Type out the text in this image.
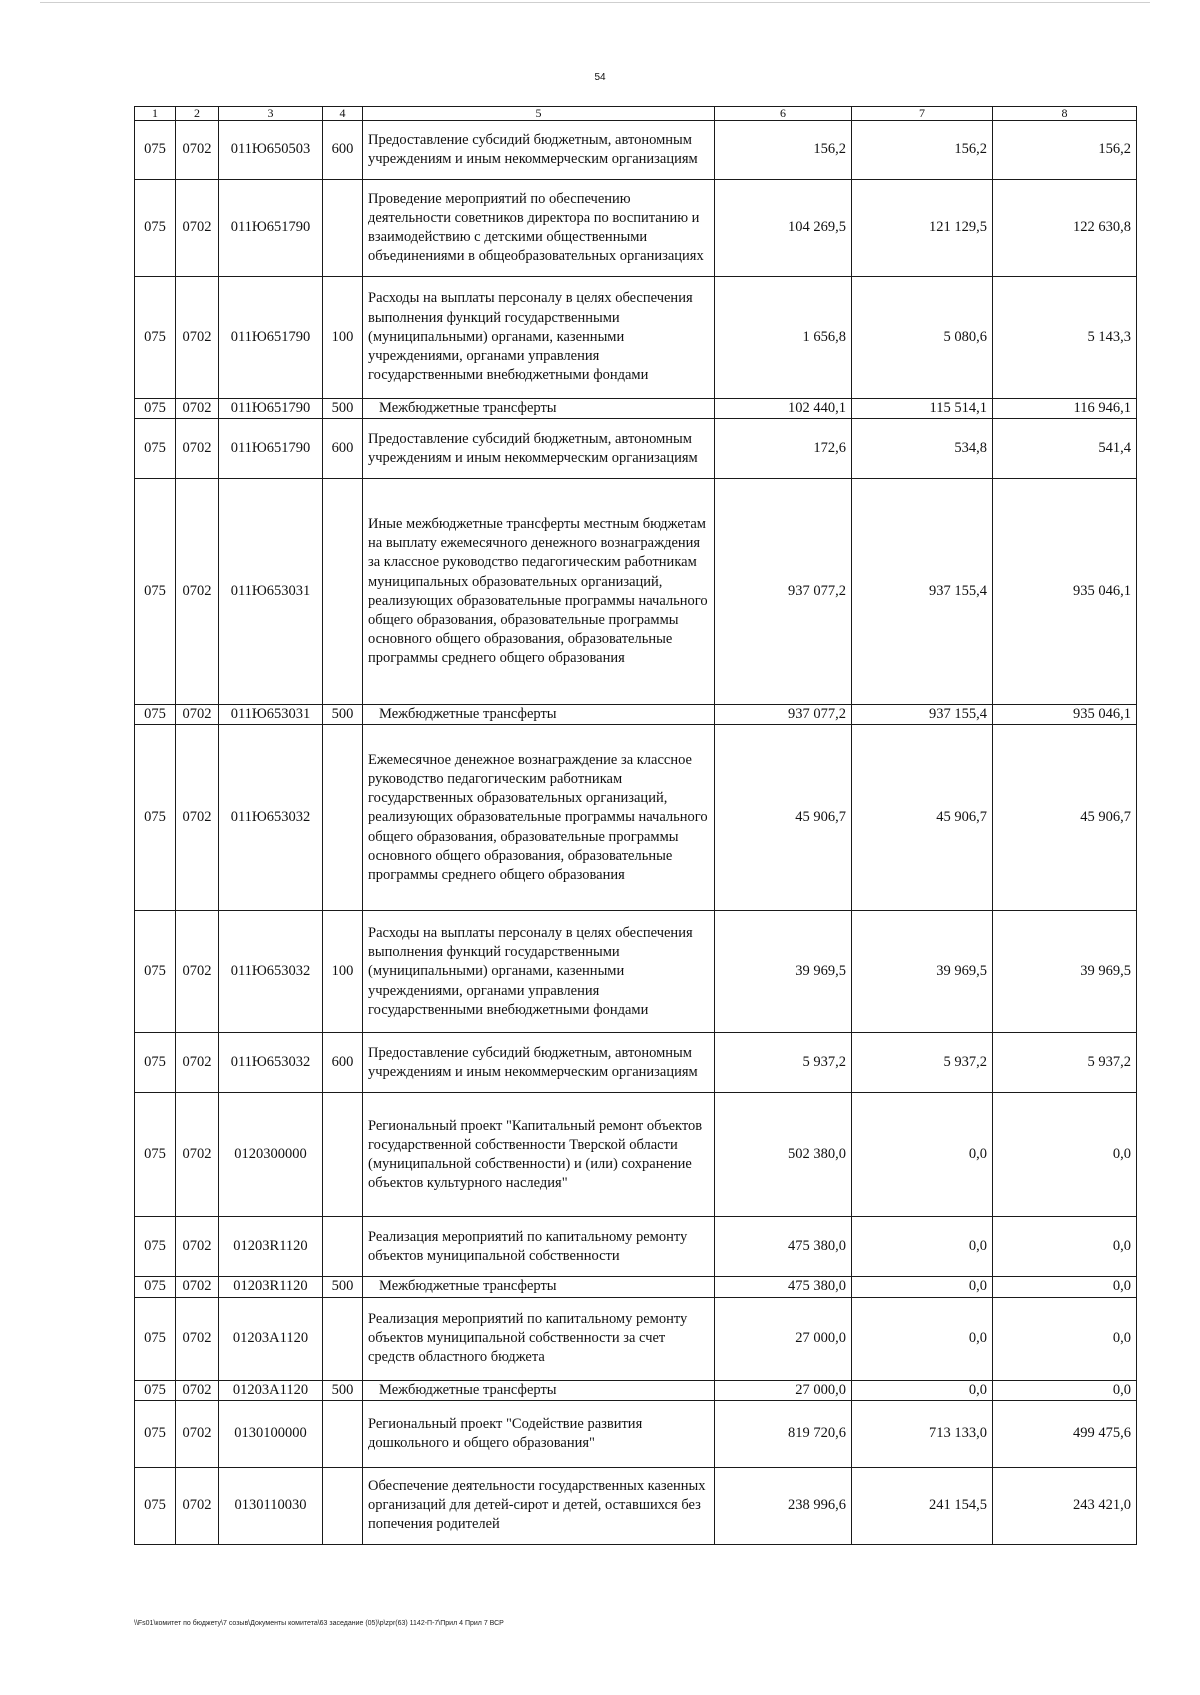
54
1	2	3	4	5	6	7	8
075	0702	011Ю650503	600	Предоставление субсидий бюджетным, автономным учреждениям и иным некоммерческим организациям	156,2	156,2	156,2
075	0702	011Ю651790		Проведение мероприятий по обеспечению деятельности советников директора по воспитанию и взаимодействию с детскими общественными объединениями в общеобразовательных организациях	104 269,5	121 129,5	122 630,8
075	0702	011Ю651790	100	Расходы на выплаты персоналу в целях обеспечения выполнения функций государственными (муниципальными) органами, казенными учреждениями, органами управления государственными внебюджетными фондами	1 656,8	5 080,6	5 143,3
075	0702	011Ю651790	500	Межбюджетные трансферты	102 440,1	115 514,1	116 946,1
075	0702	011Ю651790	600	Предоставление субсидий бюджетным, автономным учреждениям и иным некоммерческим организациям	172,6	534,8	541,4
075	0702	011Ю653031		Иные межбюджетные трансферты местным бюджетам на выплату ежемесячного денежного вознаграждения за классное руководство педагогическим работникам муниципальных образовательных организаций, реализующих образовательные программы начального общего образования, образовательные программы основного общего образования, образовательные программы среднего общего образования	937 077,2	937 155,4	935 046,1
075	0702	011Ю653031	500	Межбюджетные трансферты	937 077,2	937 155,4	935 046,1
075	0702	011Ю653032		Ежемесячное денежное вознаграждение за классное руководство педагогическим работникам государственных образовательных организаций, реализующих образовательные программы начального общего образования, образовательные программы основного общего образования, образовательные программы среднего общего образования	45 906,7	45 906,7	45 906,7
075	0702	011Ю653032	100	Расходы на выплаты персоналу в целях обеспечения выполнения функций государственными (муниципальными) органами, казенными учреждениями, органами управления государственными внебюджетными фондами	39 969,5	39 969,5	39 969,5
075	0702	011Ю653032	600	Предоставление субсидий бюджетным, автономным учреждениям и иным некоммерческим организациям	5 937,2	5 937,2	5 937,2
075	0702	0120300000		Региональный проект "Капитальный ремонт объектов государственной собственности Тверской области (муниципальной собственности) и (или) сохранение объектов культурного наследия"	502 380,0	0,0	0,0
075	0702	01203R1120		Реализация мероприятий по капитальному ремонту объектов муниципальной собственности	475 380,0	0,0	0,0
075	0702	01203R1120	500	Межбюджетные трансферты	475 380,0	0,0	0,0
075	0702	01203A1120		Реализация мероприятий по капитальному ремонту объектов муниципальной собственности за счет средств областного бюджета	27 000,0	0,0	0,0
075	0702	01203A1120	500	Межбюджетные трансферты	27 000,0	0,0	0,0
075	0702	0130100000		Региональный проект "Содействие развития дошкольного и общего образования"	819 720,6	713 133,0	499 475,6
075	0702	0130110030		Обеспечение деятельности государственных казенных организаций для детей-сирот и детей, оставшихся без попечения родителей	238 996,6	241 154,5	243 421,0
\\Fs01\комитет по бюджету\7 созыв\Документы комитета\63 заседание (05)\p\zpr(63) 1142-П-7\Прил 4 Прил 7 ВСР
